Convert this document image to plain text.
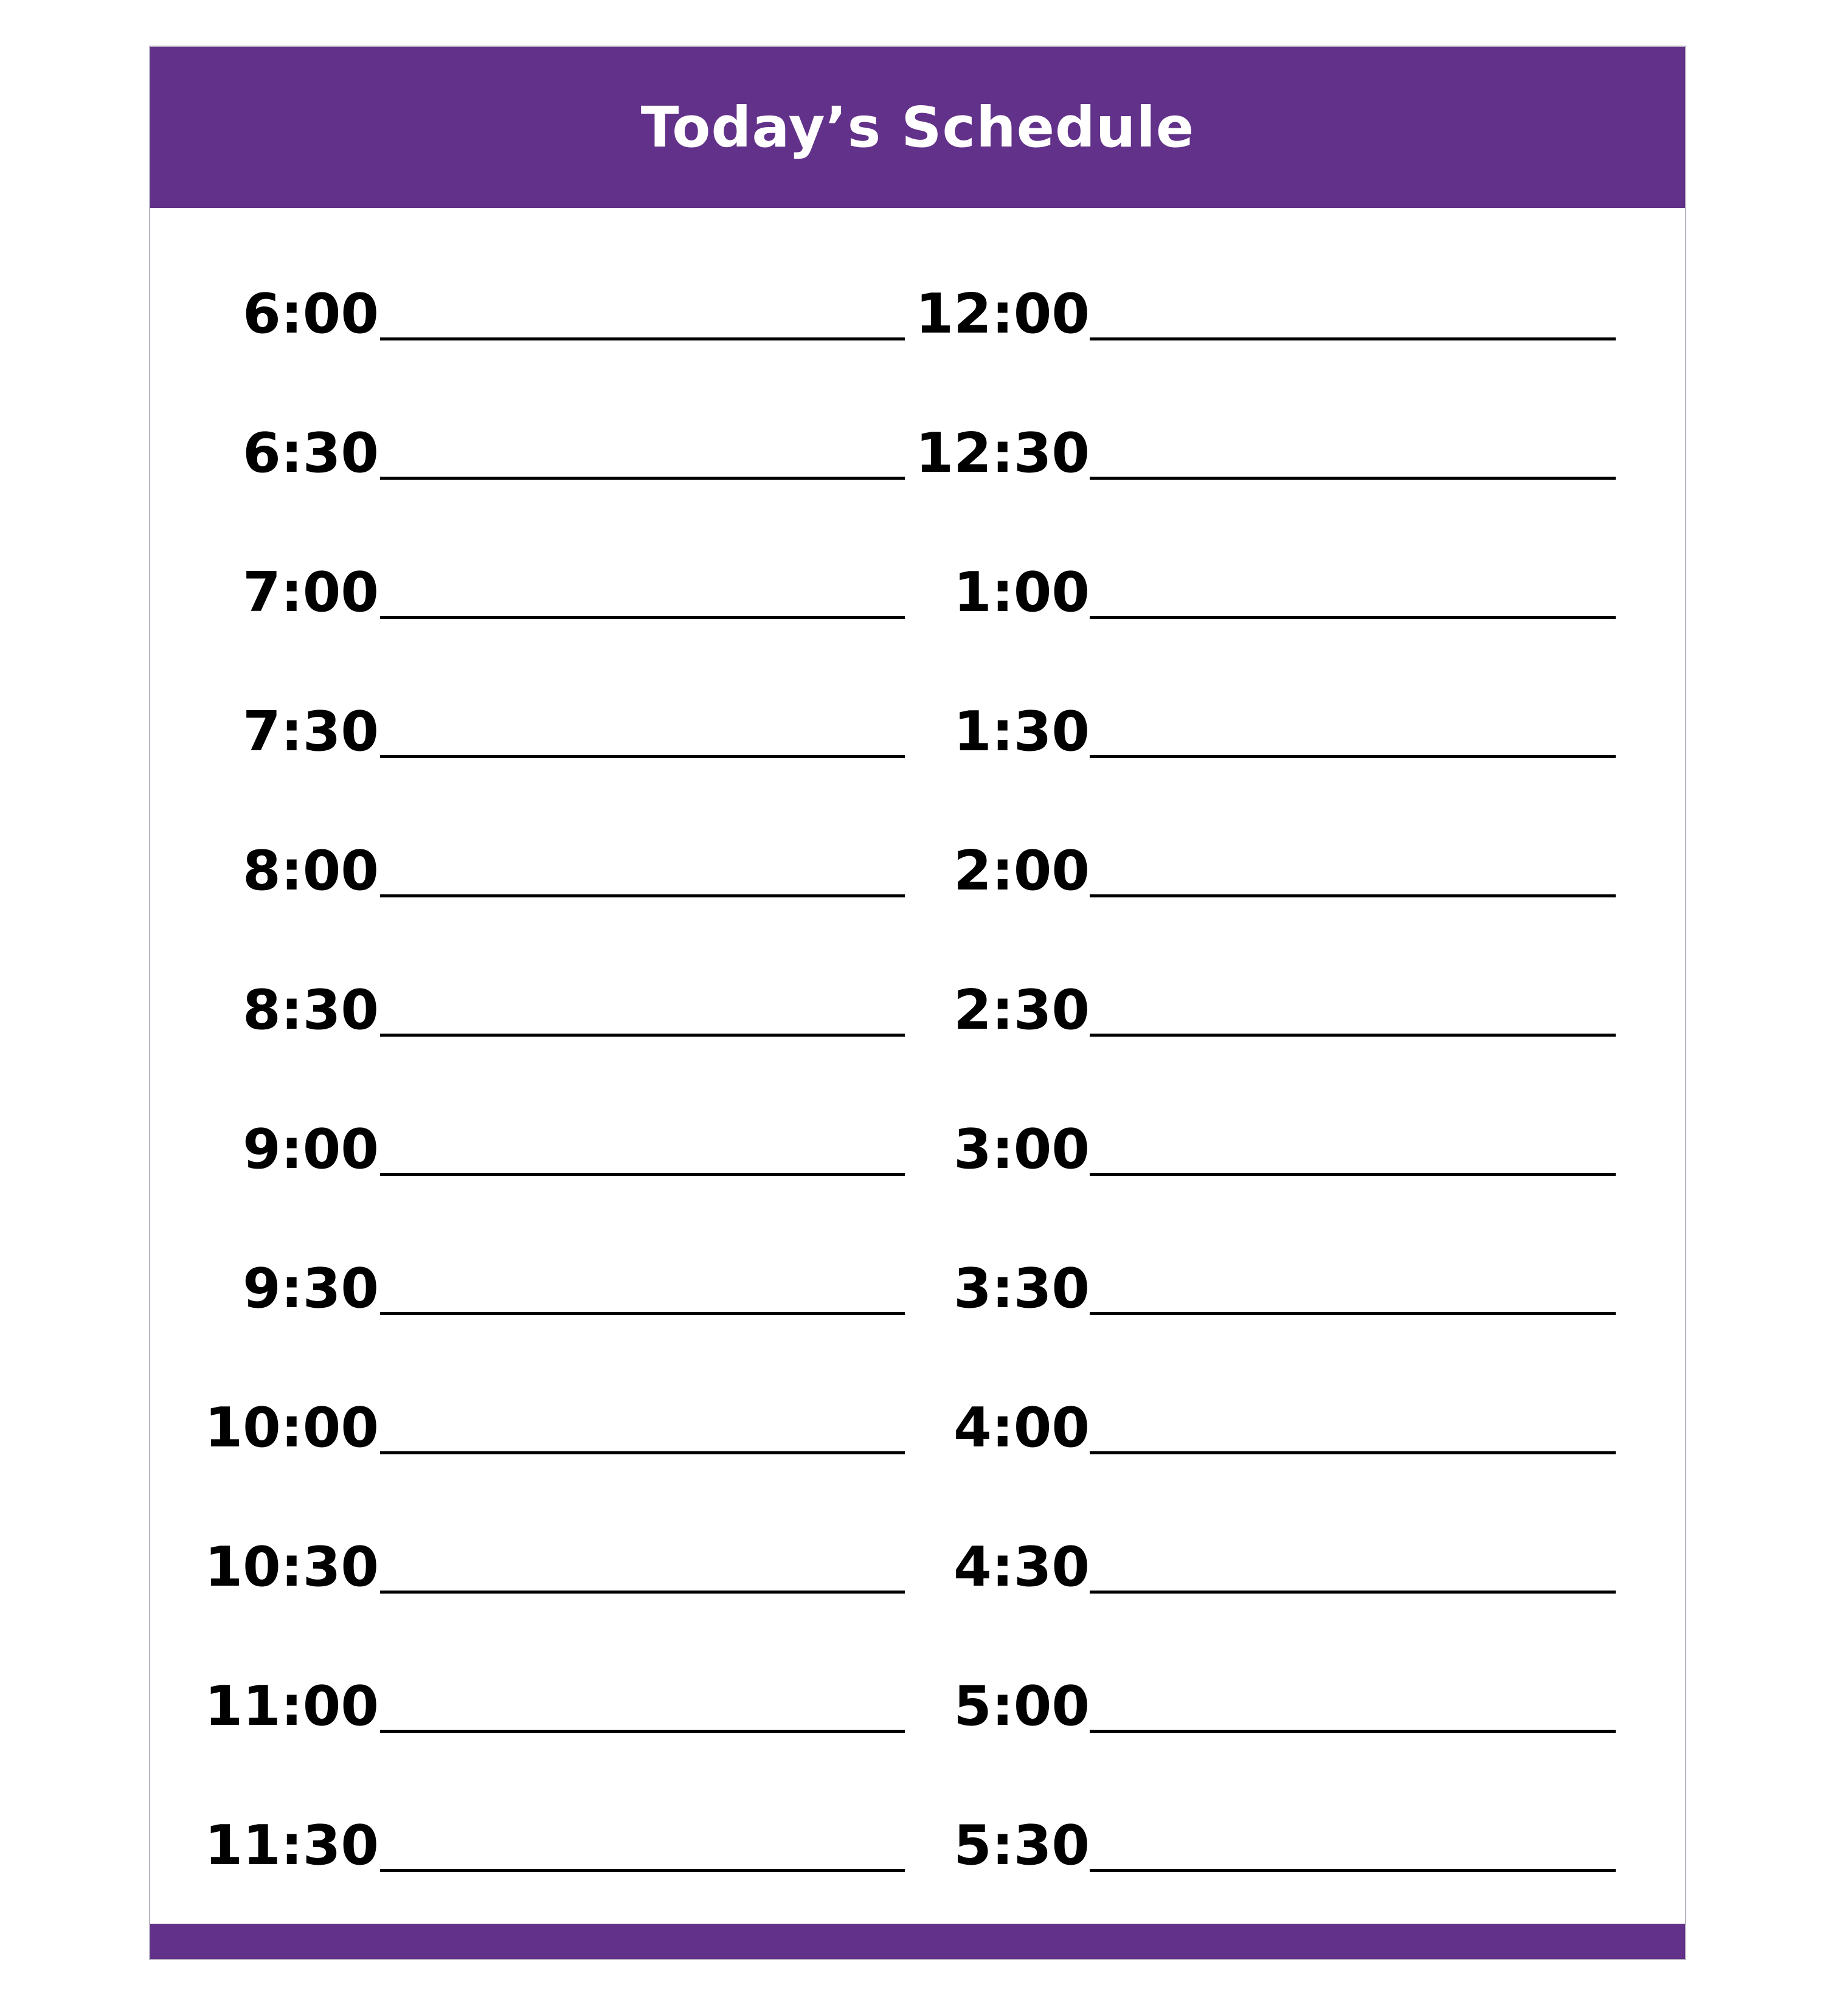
Today’s Schedule
6:00
6:30
7:00
7:30
8:00
8:30
9:00
9:30
10:00
10:30
11:00
11:30
12:00
12:30
1:00
1:30
2:00
2:30
3:00
3:30
4:00
4:30
5:00
5:30
